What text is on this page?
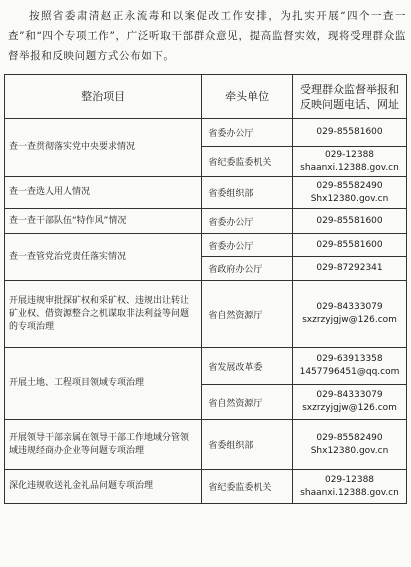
按照省委肃清赵正永流毒和以案促改工作安排，为扎实开展“四个一查一查”和“四个专项工作”，广泛听取干部群众意见，提高监督实效，现将受理群众监督举报和反映问题方式公布如下。
整治项目	牵头单位	受理群众监督举报和反映问题电话、网址
查一查贯彻落实党中央要求情况	省委办公厅	029-85581600

	省纪委监委机关	029-12388
shaanxi.12388.gov.cn

查一查选人用人情况	省委组织部	029-85582490
Shx12380.gov.cn

查一查干部队伍“特作风”情况	省委办公厅	029-85581600

查一查管党治党责任落实情况	省委办公厅	029-85581600

	省政府办公厅	029-87292341

开展违规审批探矿权和采矿权、违规出让转让矿业权、借资源整合之机谋取非法利益等问题的专项治理	省自然资源厅	029-84333079
sxzrzyjgjw@126.com

开展土地、工程项目领域专项治理	省发展改革委	029-63913358
1457796451@qq.com

	省自然资源厅	029-84333079
sxzrzyjgjw@126.com

开展领导干部亲属在领导干部工作地域分管领域违规经商办企业等问题专项治理	省委组织部	029-85582490
Shx12380.gov.cn

深化违规收送礼金礼品问题专项治理	省纪委监委机关	029-12388
shaanxi.12388.gov.cn
